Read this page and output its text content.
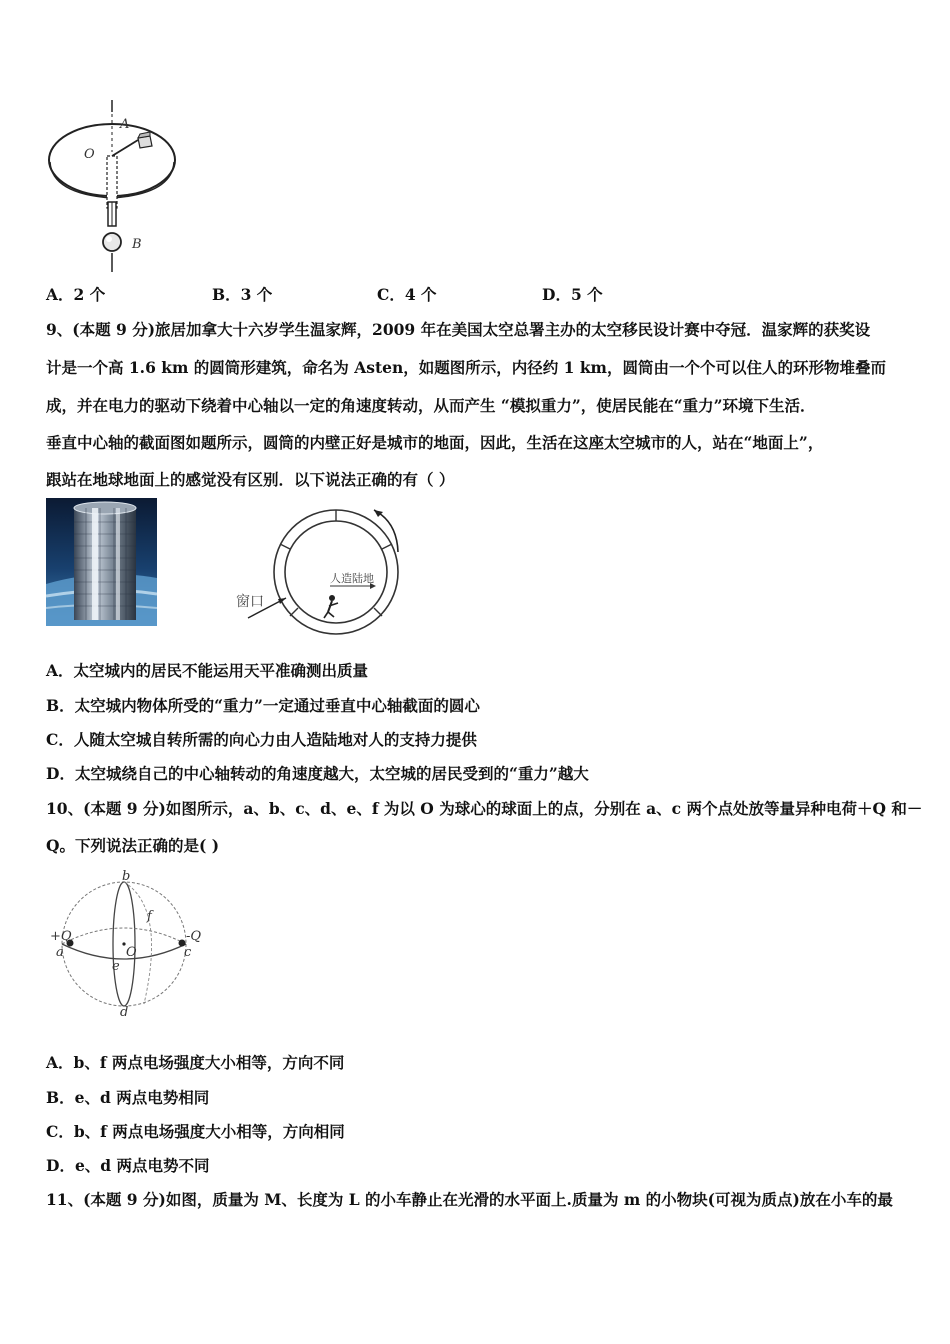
A
O
B
A．2 个	B．3 个	C．4 个	D．5 个
9、(本题 9 分)旅居加拿大十六岁学生温家辉，2009 年在美国太空总署主办的太空移民设计赛中夺冠．温家辉的获奖设
计是一个高 1.6 km 的圆筒形建筑，命名为 Asten，如题图所示，内径约 1 km，圆筒由一个个可以住人的环形物堆叠而
成，并在电力的驱动下绕着中心轴以一定的角速度转动，从而产生 “模拟重力”，使居民能在“重力”环境下生活．
垂直中心轴的截面图如题所示，圆筒的内壁正好是城市的地面，因此，生活在这座太空城市的人，站在“地面上”，
跟站在地球地面上的感觉没有区别．以下说法正确的有（ ）
人造陆地
窗口
A．太空城内的居民不能运用天平准确测出质量
B．太空城内物体所受的“重力”一定通过垂直中心轴截面的圆心
C．人随太空城自转所需的向心力由人造陆地对人的支持力提供
D．太空城绕自己的中心轴转动的角速度越大，太空城的居民受到的“重力”越大
10、(本题 9 分)如图所示，a、b、c、d、e、f 为以 O 为球心的球面上的点，分别在 a、c 两个点处放等量异种电荷＋Q 和－
Q。下列说法正确的是( )
b
f
+Q	-Q
a	O	c
e
d
A．b、f 两点电场强度大小相等，方向不同
B．e、d 两点电势相同
C．b、f 两点电场强度大小相等，方向相同
D．e、d 两点电势不同
11、(本题 9 分)如图，质量为 M、长度为 L 的小车静止在光滑的水平面上.质量为 m 的小物块(可视为质点)放在小车的最
